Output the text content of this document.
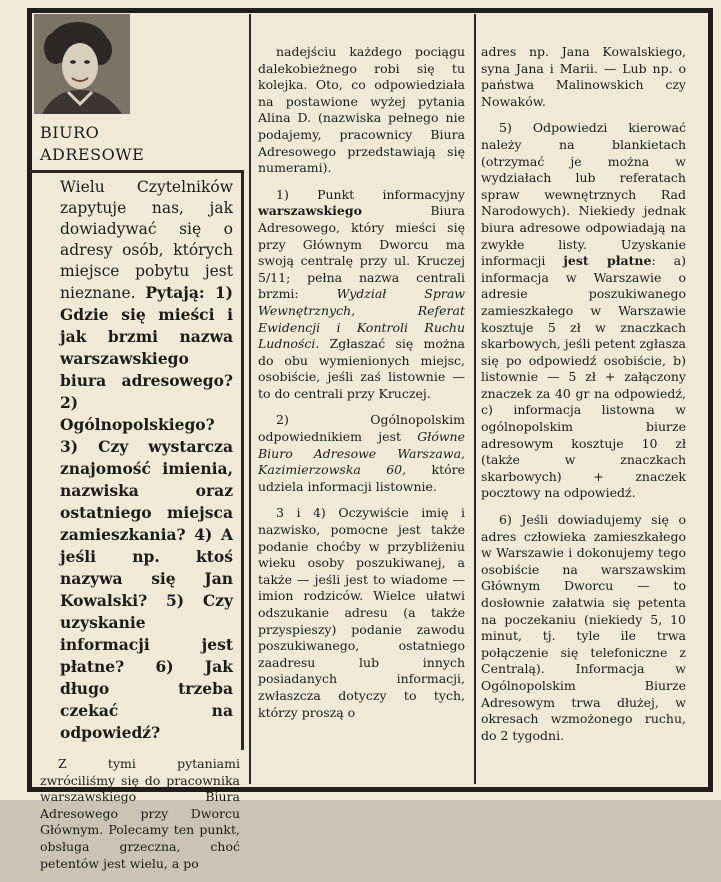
BIURO
ADRESOWE
Wielu Czytelników zapytuje nas, jak dowiadywać się o adresy osób, których miejsce pobytu jest nieznane. Pytają: 1) Gdzie się mieści i jak brzmi nazwa warszawskiego biura adresowego? 2) Ogólnopolskiego? 3) Czy wystarcza znajomość imienia, nazwiska oraz ostatniego miejsca zamieszkania? 4) A jeśli np. ktoś nazywa się Jan Kowalski? 5) Czy uzyskanie informacji jest płatne? 6) Jak długo trzeba czekać na odpowiedź?

Z tymi pytaniami zwróciliśmy się do pracownika warszawskiego Biura Adresowego przy Dworcu Głównym. Polecamy ten punkt, obsługa grzeczna, choć petentów jest wielu, a po

nadejściu każdego pociągu dalekobieżnego robi się tu kolejka. Oto, co odpowiedziała na postawione wyżej pytania Alina D. (nazwiska pełnego nie podajemy, pracownicy Biura Adresowego przedstawiają się numerami).

1) Punkt informacyjny warszawskiego Biura Adresowego, który mieści się przy Głównym Dworcu ma swoją centralę przy ul. Kruczej 5/11; pełna nazwa centrali brzmi: Wydział Spraw Wewnętrznych, Referat Ewidencji i Kontroli Ruchu Ludności. Zgłaszać się można do obu wymienionych miejsc, osobiście, jeśli zaś listownie — to do centrali przy Kruczej.

2) Ogólnopolskim odpowiednikiem jest Główne Biuro Adresowe Warszawa, Kazimierzowska 60, które udziela informacji listownie.

3 i 4) Oczywiście imię i nazwisko, pomocne jest także podanie choćby w przybliżeniu wieku osoby poszukiwanej, a także — jeśli jest to wiadome — imion rodziców. Wielce ułatwi odszukanie adresu (a także przyspieszy) podanie zawodu poszukiwanego, ostatniego zaadresu lub innych posiadanych informacji, zwłaszcza dotyczy to tych, którzy proszą o

adres np. Jana Kowalskiego, syna Jana i Marii. — Lub np. o państwa Malinowskich czy Nowaków.

5) Odpowiedzi kierować należy na blankietach (otrzymać je można w wydziałach lub referatach spraw wewnętrznych Rad Narodowych). Niekiedy jednak biura adresowe odpowiadają na zwykłe listy. Uzyskanie informacji jest płatne: a) informacja w Warszawie o adresie poszukiwanego zamieszkałego w Warszawie kosztuje 5 zł w znaczkach skarbowych, jeśli petent zgłasza się po odpowiedź osobiście, b) listownie — 5 zł + załączony znaczek za 40 gr na odpowiedź, c) informacja listowna w ogólnopolskim biurze adresowym kosztuje 10 zł (także w znaczkach skarbowych) + znaczek pocztowy na odpowiedź.

6) Jeśli dowiadujemy się o adres człowieka zamieszkałego w Warszawie i dokonujemy tego osobiście na warszawskim Głównym Dworcu — to dosłownie załatwia się petenta na poczekaniu (niekiedy 5, 10 minut, tj. tyle ile trwa połączenie się telefoniczne z Centralą). Informacja w Ogólnopolskim Biurze Adresowym trwa dłużej, w okresach wzmożonego ruchu, do 2 tygodni.
